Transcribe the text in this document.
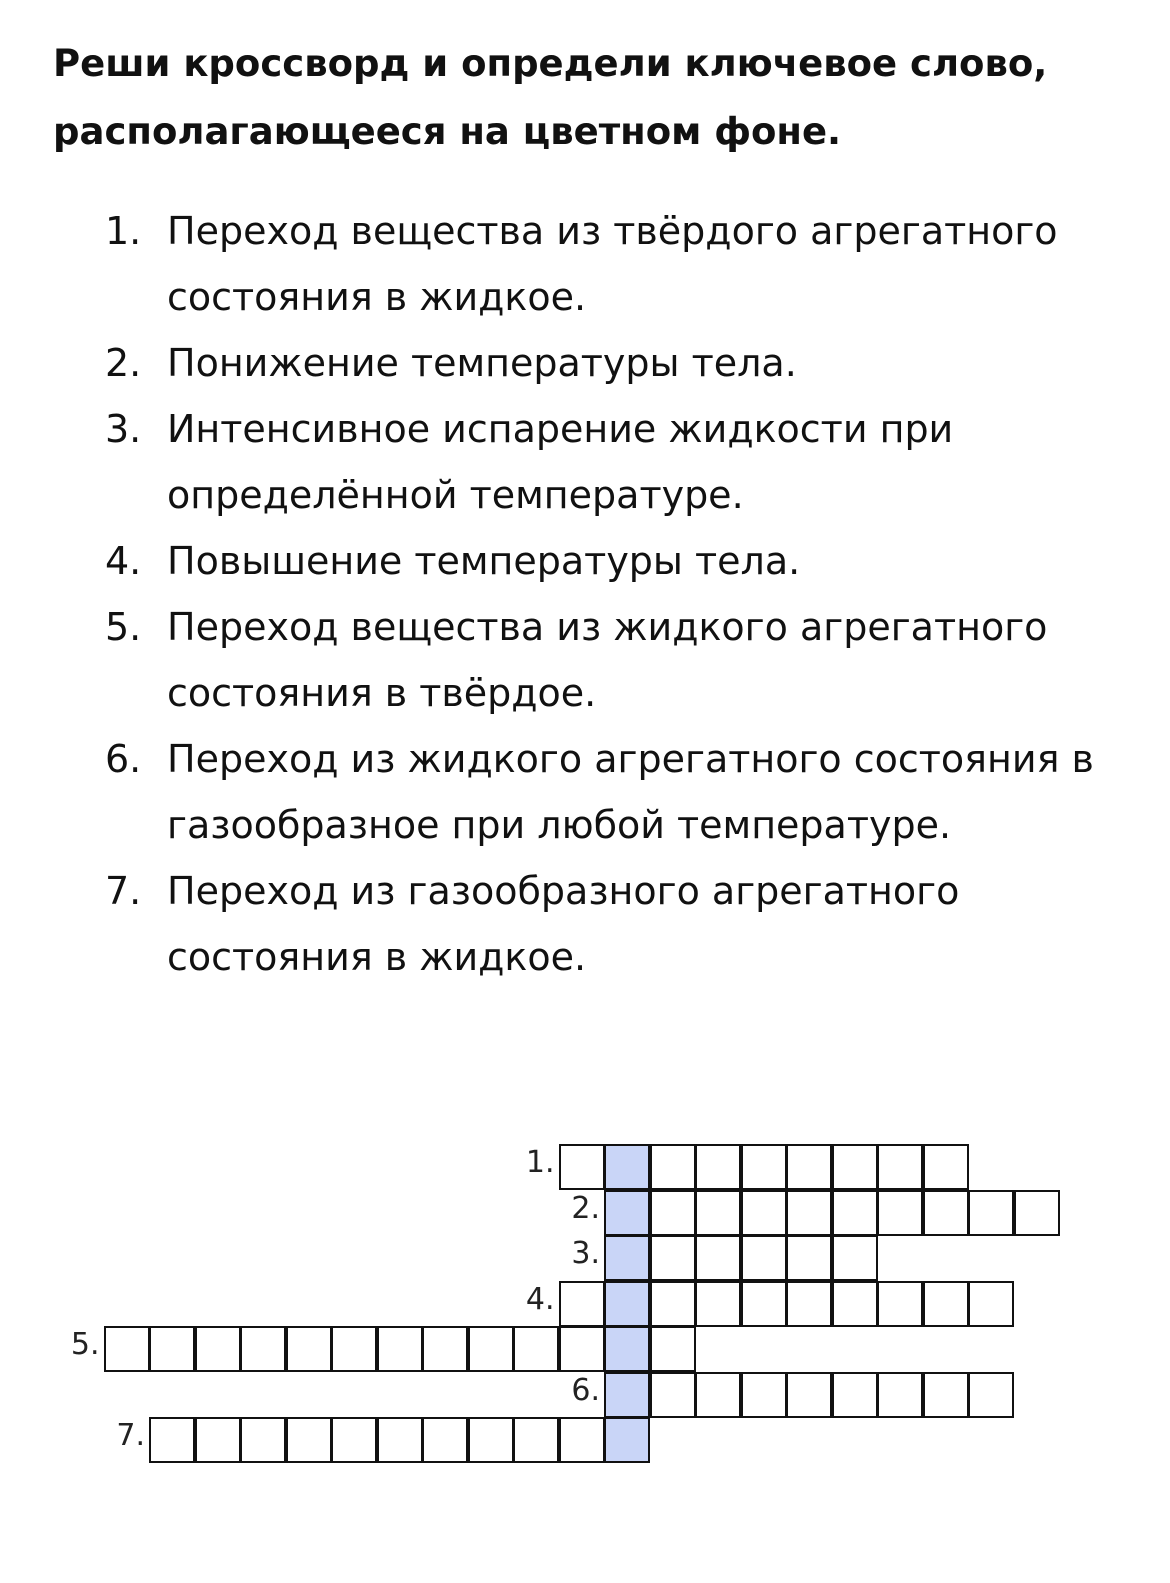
Реши кроссворд и определи ключевое слово, располагающееся на цветном фоне.
1. Переход вещества из твёрдого агрегатного состояния в жидкое.
2. Понижение температуры тела.
3. Интенсивное испарение жидкости при определённой температуре.
4. Повышение температуры тела.
5. Переход вещества из жидкого агрегатного состояния в твёрдое.
6. Переход из жидкого агрегатного состояния в газообразное при любой температуре.
7. Переход из газообразного агрегатного состояния в жидкое.
1.
2.
3.
4.
5.
6.
7.
